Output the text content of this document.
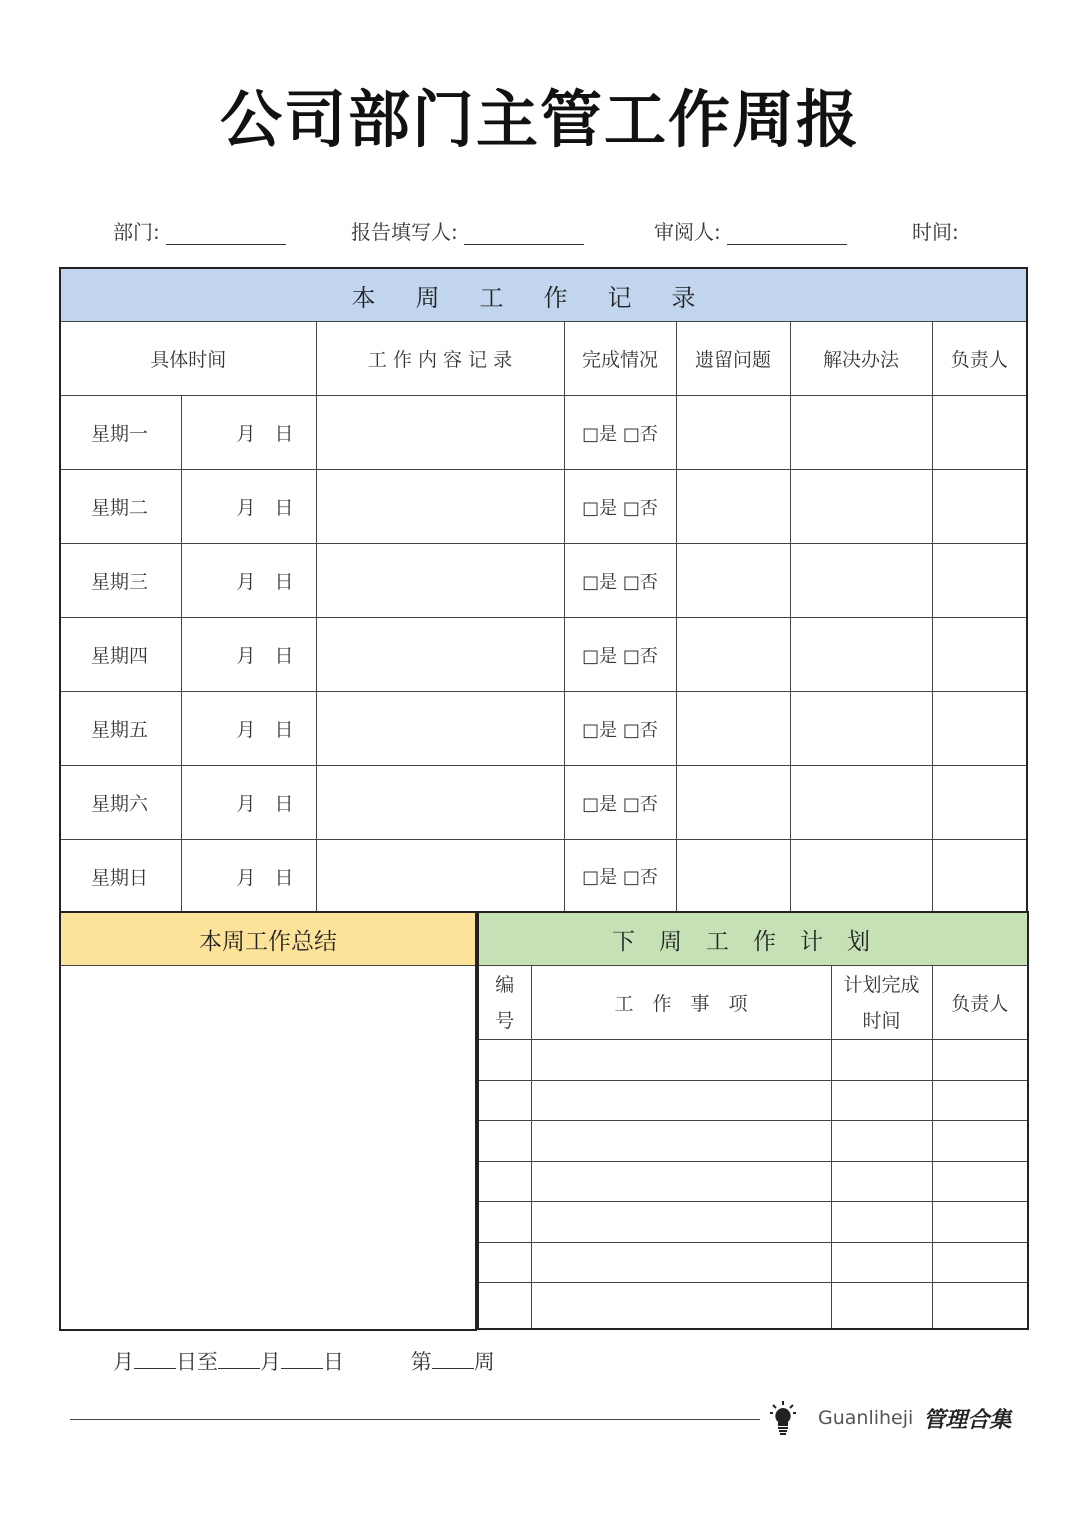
公司部门主管工作周报
部门:	报告填写人:	审阅人:	时间:
本周工作记录						
具体时间		工 作 内 容 记 录	完成情况	遗留问题	解决办法	负责人
星期一	月　日		□是 □否			
星期二	月　日		□是 □否			
星期三	月　日		□是 □否			
星期四	月　日		□是 □否			
星期五	月　日		□是 □否			
星期六	月　日		□是 □否			
星期日	月　日		□是 □否			
本周工作总结	下周工作计划			
编号	工　作　事　项	计划完成时间	负责人

月 日至 月 日	第 周
Guanliheji 管理合集
